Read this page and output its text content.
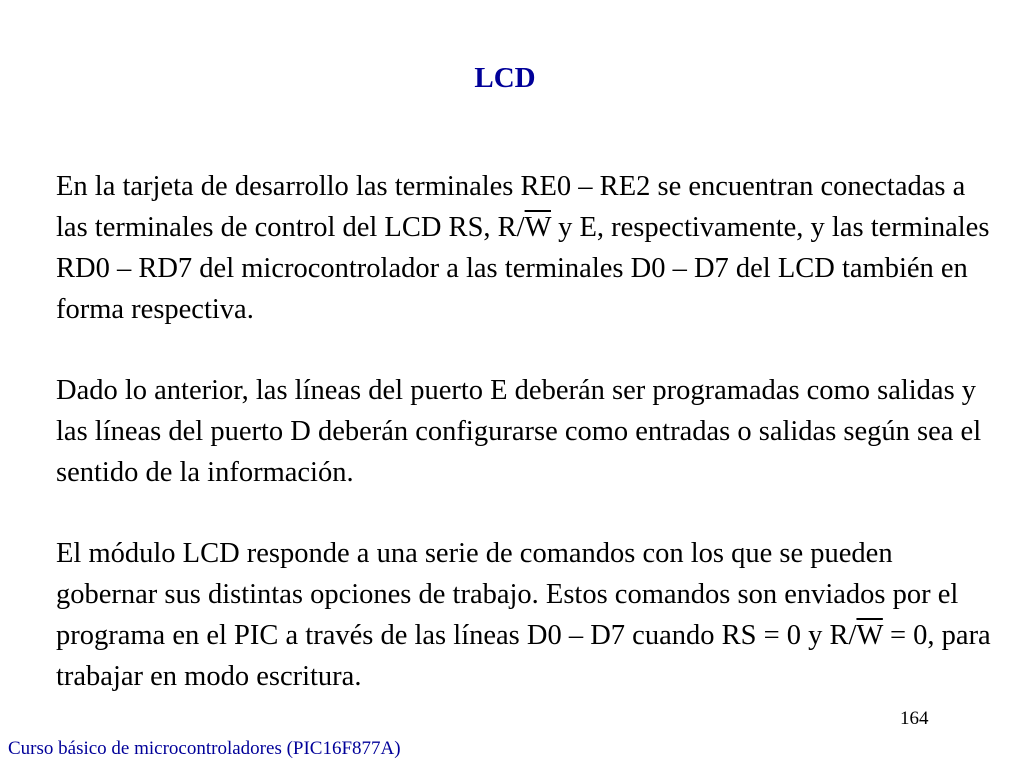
LCD

En la tarjeta de desarrollo las terminales RE0 – RE2 se encuentran conectadas a las terminales de control del LCD RS, $R/\overline{W}$ y E, respectivamente, y las terminales RD0 – RD7 del microcontrolador a las terminales D0 – D7 del LCD también en forma respectiva.

Dado lo anterior, las líneas del puerto E deberán ser programadas como salidas y las líneas del puerto D deberán configurarse como entradas o salidas según sea el sentido de la información.

El módulo LCD responde a una serie de comandos con los que se pueden gobernar sus distintas opciones de trabajo. Estos comandos son enviados por el programa en el PIC a través de las líneas D0 – D7 cuando RS = 0 y $R/\overline{W} = 0$, para trabajar en modo escritura.

164
Curso básico de microcontroladores (PIC16F877A)
